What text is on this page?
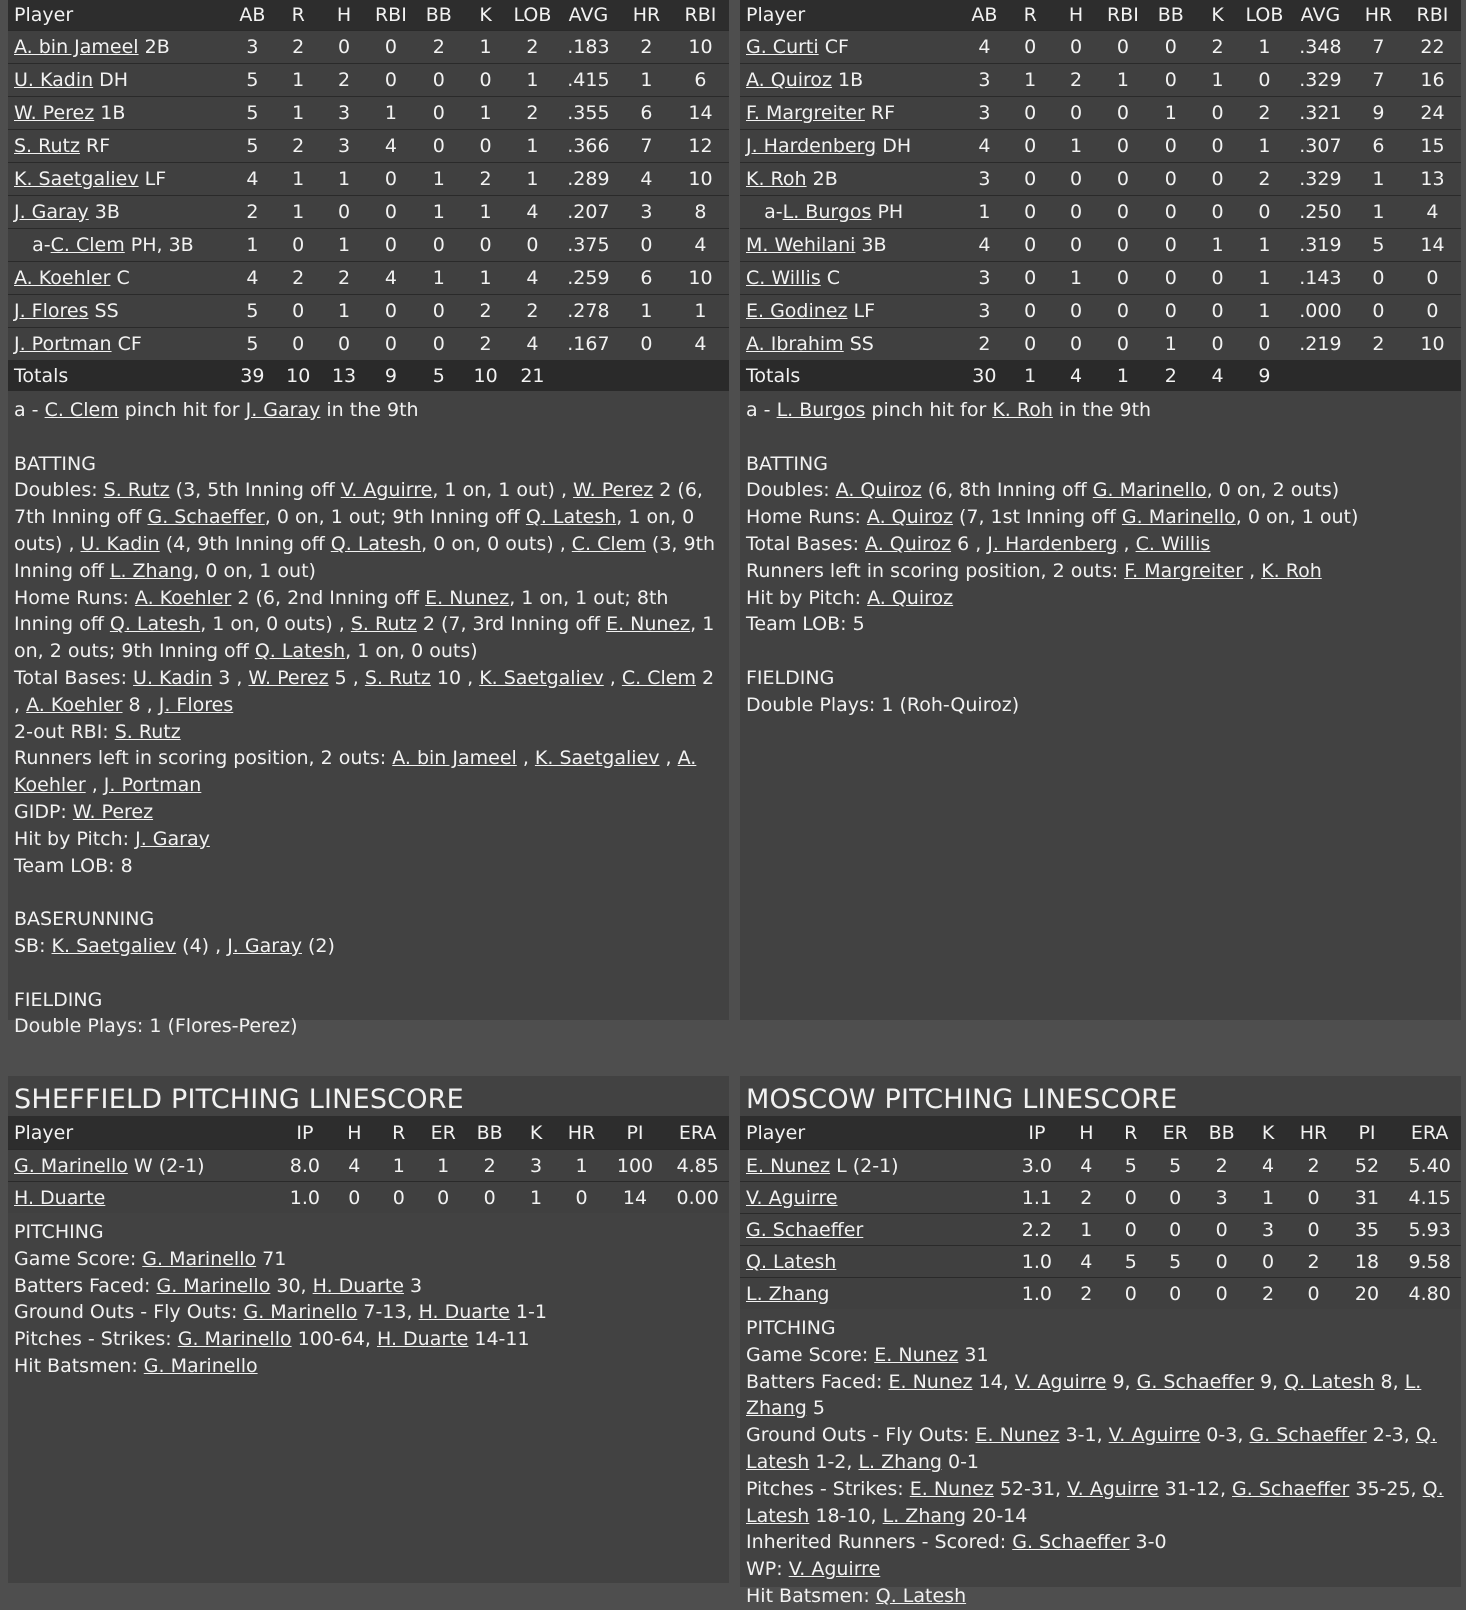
Player	AB	R	H	RBI	BB	K	LOB	AVG	HR	RBI
A. bin Jameel 2B	3	2	0	0	2	1	2	.183	2	10
U. Kadin DH	5	1	2	0	0	0	1	.415	1	6
W. Perez 1B	5	1	3	1	0	1	2	.355	6	14
S. Rutz RF	5	2	3	4	0	0	1	.366	7	12
K. Saetgaliev LF	4	1	1	0	1	2	1	.289	4	10
J. Garay 3B	2	1	0	0	1	1	4	.207	3	8
a-C. Clem PH, 3B	1	0	1	0	0	0	0	.375	0	4
A. Koehler C	4	2	2	4	1	1	4	.259	6	10
J. Flores SS	5	0	1	0	0	2	2	.278	1	1
J. Portman CF	5	0	0	0	0	2	4	.167	0	4
Totals	39	10	13	9	5	10	21			

a - C. Clem pinch hit for J. Garay in the 9th

BATTING

Doubles: S. Rutz (3, 5th Inning off V. Aguirre, 1 on, 1 out) , W. Perez 2 (6, 7th Inning off G. Schaeffer, 0 on, 1 out; 9th Inning off Q. Latesh, 1 on, 0 outs) , U. Kadin (4, 9th Inning off Q. Latesh, 0 on, 0 outs) , C. Clem (3, 9th Inning off L. Zhang, 0 on, 1 out)

Home Runs: A. Koehler 2 (6, 2nd Inning off E. Nunez, 1 on, 1 out; 8th Inning off Q. Latesh, 1 on, 0 outs) , S. Rutz 2 (7, 3rd Inning off E. Nunez, 1 on, 2 outs; 9th Inning off Q. Latesh, 1 on, 0 outs)

Total Bases: U. Kadin 3 , W. Perez 5 , S. Rutz 10 , K. Saetgaliev , C. Clem 2 , A. Koehler 8 , J. Flores

2-out RBI: S. Rutz

Runners left in scoring position, 2 outs: A. bin Jameel , K. Saetgaliev , A. Koehler , J. Portman

GIDP: W. Perez

Hit by Pitch: J. Garay

Team LOB: 8

BASERUNNING

SB: K. Saetgaliev (4) , J. Garay (2)

FIELDING

Double Plays: 1 (Flores-Perez)

Player	AB	R	H	RBI	BB	K	LOB	AVG	HR	RBI
G. Curti CF	4	0	0	0	0	2	1	.348	7	22
A. Quiroz 1B	3	1	2	1	0	1	0	.329	7	16
F. Margreiter RF	3	0	0	0	1	0	2	.321	9	24
J. Hardenberg DH	4	0	1	0	0	0	1	.307	6	15
K. Roh 2B	3	0	0	0	0	0	2	.329	1	13
a-L. Burgos PH	1	0	0	0	0	0	0	.250	1	4
M. Wehilani 3B	4	0	0	0	0	1	1	.319	5	14
C. Willis C	3	0	1	0	0	0	1	.143	0	0
E. Godinez LF	3	0	0	0	0	0	1	.000	0	0
A. Ibrahim SS	2	0	0	0	1	0	0	.219	2	10
Totals	30	1	4	1	2	4	9			

a - L. Burgos pinch hit for K. Roh in the 9th

BATTING

Doubles: A. Quiroz (6, 8th Inning off G. Marinello, 0 on, 2 outs)

Home Runs: A. Quiroz (7, 1st Inning off G. Marinello, 0 on, 1 out)

Total Bases: A. Quiroz 6 , J. Hardenberg , C. Willis

Runners left in scoring position, 2 outs: F. Margreiter , K. Roh

Hit by Pitch: A. Quiroz

Team LOB: 5

FIELDING

Double Plays: 1 (Roh-Quiroz)

SHEFFIELD PITCHING LINESCORE
Player	IP	H	R	ER	BB	K	HR	PI	ERA
G. Marinello W (2-1)	8.0	4	1	1	2	3	1	100	4.85
H. Duarte	1.0	0	0	0	0	1	0	14	0.00

PITCHING

Game Score: G. Marinello 71

Batters Faced: G. Marinello 30, H. Duarte 3

Ground Outs - Fly Outs: G. Marinello 7-13, H. Duarte 1-1

Pitches - Strikes: G. Marinello 100-64, H. Duarte 14-11

Hit Batsmen: G. Marinello

MOSCOW PITCHING LINESCORE
Player	IP	H	R	ER	BB	K	HR	PI	ERA
E. Nunez L (2-1)	3.0	4	5	5	2	4	2	52	5.40
V. Aguirre	1.1	2	0	0	3	1	0	31	4.15
G. Schaeffer	2.2	1	0	0	0	3	0	35	5.93
Q. Latesh	1.0	4	5	5	0	0	2	18	9.58
L. Zhang	1.0	2	0	0	0	2	0	20	4.80

PITCHING

Game Score: E. Nunez 31

Batters Faced: E. Nunez 14, V. Aguirre 9, G. Schaeffer 9, Q. Latesh 8, L. Zhang 5

Ground Outs - Fly Outs: E. Nunez 3-1, V. Aguirre 0-3, G. Schaeffer 2-3, Q. Latesh 1-2, L. Zhang 0-1

Pitches - Strikes: E. Nunez 52-31, V. Aguirre 31-12, G. Schaeffer 35-25, Q. Latesh 18-10, L. Zhang 20-14

Inherited Runners - Scored: G. Schaeffer 3-0

WP: V. Aguirre

Hit Batsmen: Q. Latesh
